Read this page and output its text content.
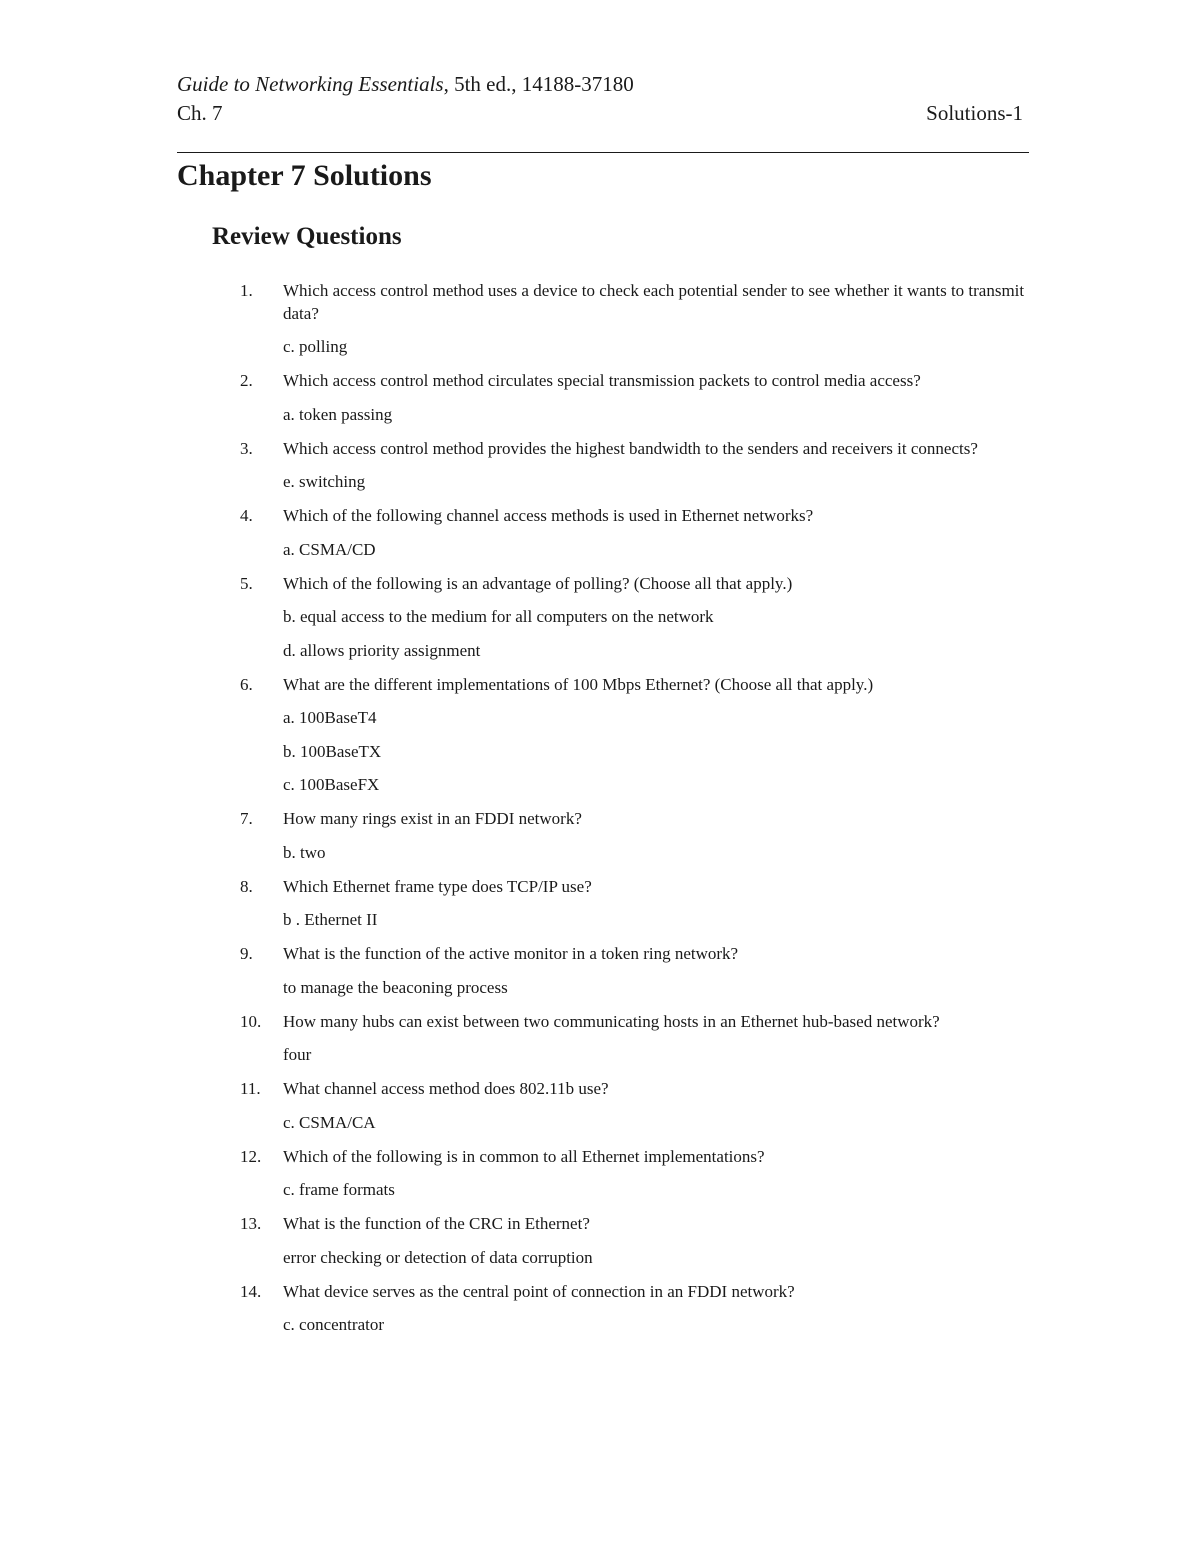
Guide to Networking Essentials, 5th ed., 14188-37180
Ch. 7	Solutions-1
Chapter 7 Solutions
Review Questions
1.	Which access control method uses a device to check each potential sender to see whether it wants to transmit data?
c. polling
2.	Which access control method circulates special transmission packets to control media access?
a. token passing
3.	Which access control method provides the highest bandwidth to the senders and receivers it connects?
e. switching
4.	Which of the following channel access methods is used in Ethernet networks?
a. CSMA/CD
5.	Which of the following is an advantage of polling? (Choose all that apply.)
b. equal access to the medium for all computers on the network
d. allows priority assignment
6.	What are the different implementations of 100 Mbps Ethernet? (Choose all that apply.)
a. 100BaseT4
b. 100BaseTX
c. 100BaseFX
7.	How many rings exist in an FDDI network?
b. two
8.	Which Ethernet frame type does TCP/IP use?
b . Ethernet II
9.	What is the function of the active monitor in a token ring network?
to manage the beaconing process
10.	How many hubs can exist between two communicating hosts in an Ethernet hub-based network?
four
11.	What channel access method does 802.11b use?
c. CSMA/CA
12.	Which of the following is in common to all Ethernet implementations?
c. frame formats
13.	What is the function of the CRC in Ethernet?
error checking or detection of data corruption
14.	What device serves as the central point of connection in an FDDI network?
c. concentrator
